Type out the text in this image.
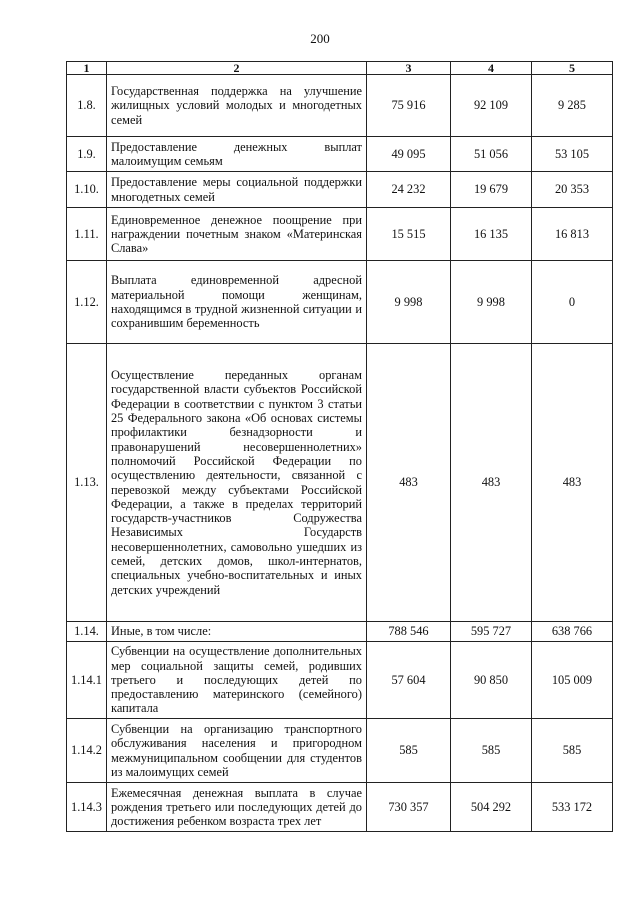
200
1	2	3	4	5
1.8.	Государственная поддержка на улучшение жилищных условий молодых и многодетных семей	75 916	92 109	9 285
1.9.	Предоставление денежных выплат малоимущим семьям	49 095	51 056	53 105
1.10.	Предоставление меры социальной поддержки многодетных семей	24 232	19 679	20 353
1.11.	Единовременное денежное поощрение при награждении почетным знаком «Материнская Слава»	15 515	16 135	16 813
1.12.	Выплата единовременной адресной материальной помощи женщинам, находящимся в трудной жизненной ситуации и сохранившим беременность	9 998	9 998	0
1.13.	Осуществление переданных органам государственной власти субъектов Российской Федерации в соответствии с пунктом 3 статьи 25 Федерального закона «Об основах системы профилактики безнадзорности и правонарушений несовершеннолетних» полномочий Российской Федерации по осуществлению деятельности, связанной с перевозкой между субъектами Российской Федерации, а также в пределах территорий государств-участников Содружества Независимых Государств несовершеннолетних, самовольно ушедших из семей, детских домов, школ-интернатов, специальных учебно-воспитательных и иных детских учреждений	483	483	483
1.14.	Иные, в том числе:	788 546	595 727	638 766
1.14.1	Субвенции на осуществление дополнительных мер социальной защиты семей, родивших третьего и последующих детей по предоставлению материнского (семейного) капитала	57 604	90 850	105 009
1.14.2	Субвенции на организацию транспортного обслуживания населения и пригородном межмуниципальном сообщении для студентов из малоимущих семей	585	585	585
1.14.3	Ежемесячная денежная выплата в случае рождения третьего или последующих детей до достижения ребенком возраста трех лет	730 357	504 292	533 172
